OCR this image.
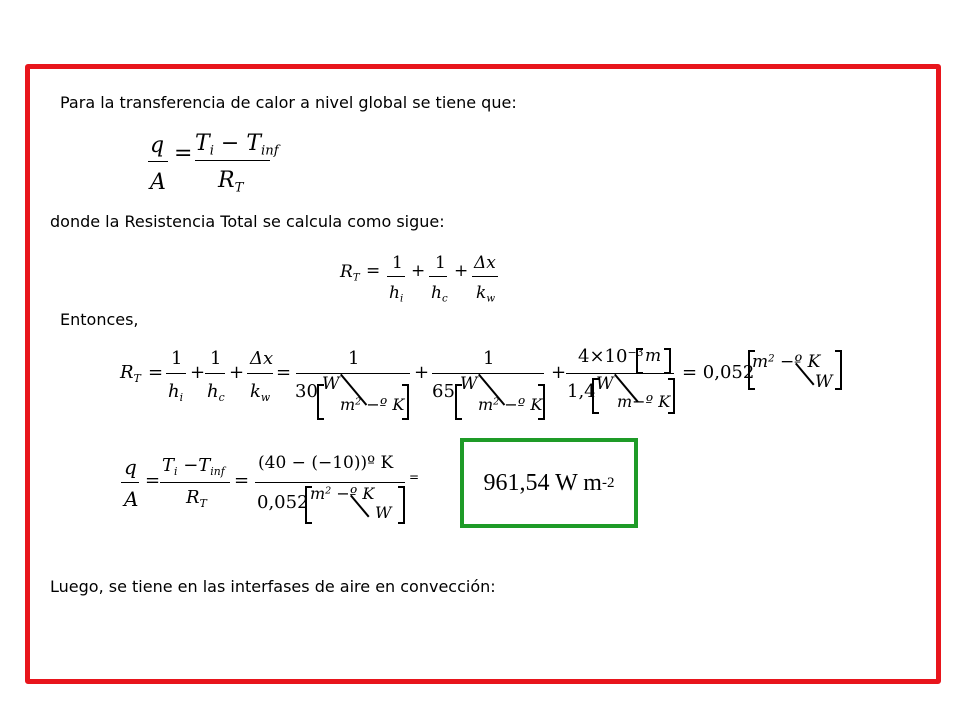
Para la transferencia de calor a nivel global se tiene que:
q
A
= $T_i - T_{inf}$
$R_T$
donde la Resistencia Total se calcula como sigue:
$R_T = 1$
$h_i$
+ 1
$h_c$
+ Δx
$k_w$
Entonces,
$R_T$ =
1
$h_i$
+
1
$h_c$
+
Δx
$k_w$
=
1
30 W
$m^2$ −º K
+
1
65 W
$m^2$ −º K
+
$4\times 10^{-3}$ m
1,4 W
m−º K
= 0,052
$m^2$ −º K
W
q
A
=
$T_i -T_{inf}$
$R_T$
=
(40 − (−10))º K
0,052 $m^2$ −º K
W
=	961,54 W m -2
Luego, se tiene en las interfases de aire en convección:
